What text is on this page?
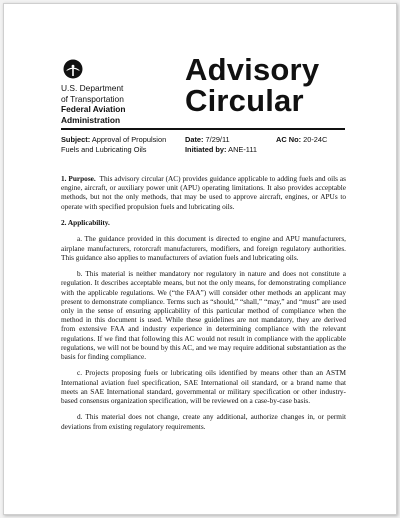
U.S. Department
of Transportation
Federal Aviation
Administration
Advisory
Circular
Subject: Approval of Propulsion Fuels and Lubricating Oils
Date: 7/29/11
Initiated by: ANE-111
AC No: 20-24C

1. Purpose. This advisory circular (AC) provides guidance applicable to adding fuels and oils as engine, aircraft, or auxiliary power unit (APU) operating limitations. It also provides acceptable methods, but not the only methods, that may be used to approve aircraft, engines, or APUs to operate with specified propulsion fuels and lubricating oils.

2. Applicability.

a. The guidance provided in this document is directed to engine and APU manufacturers, airplane manufacturers, rotorcraft manufacturers, modifiers, and foreign regulatory authorities. This guidance also applies to manufacturers of aviation fuels and lubricating oils.

b. This material is neither mandatory nor regulatory in nature and does not constitute a regulation. It describes acceptable means, but not the only means, for demonstrating compliance with the applicable regulations. We (“the FAA”) will consider other methods an applicant may present to demonstrate compliance. Terms such as “should,” “shall,” “may,” and “must” are used only in the sense of ensuring applicability of this particular method of compliance when the method in this document is used. While these guidelines are not mandatory, they are derived from extensive FAA and industry experience in determining compliance with the relevant regulations. If we find that following this AC would not result in compliance with the applicable regulations, we will not be bound by this AC, and we may require additional substantiation as the basis for finding compliance.

c. Projects proposing fuels or lubricating oils identified by means other than an ASTM International aviation fuel specification, SAE International oil standard, or a brand name that meets an SAE International standard, governmental or military specification or other industry-based consensus organization specification, will be reviewed on a case-by-case basis.

d. This material does not change, create any additional, authorize changes in, or permit deviations from existing regulatory requirements.
